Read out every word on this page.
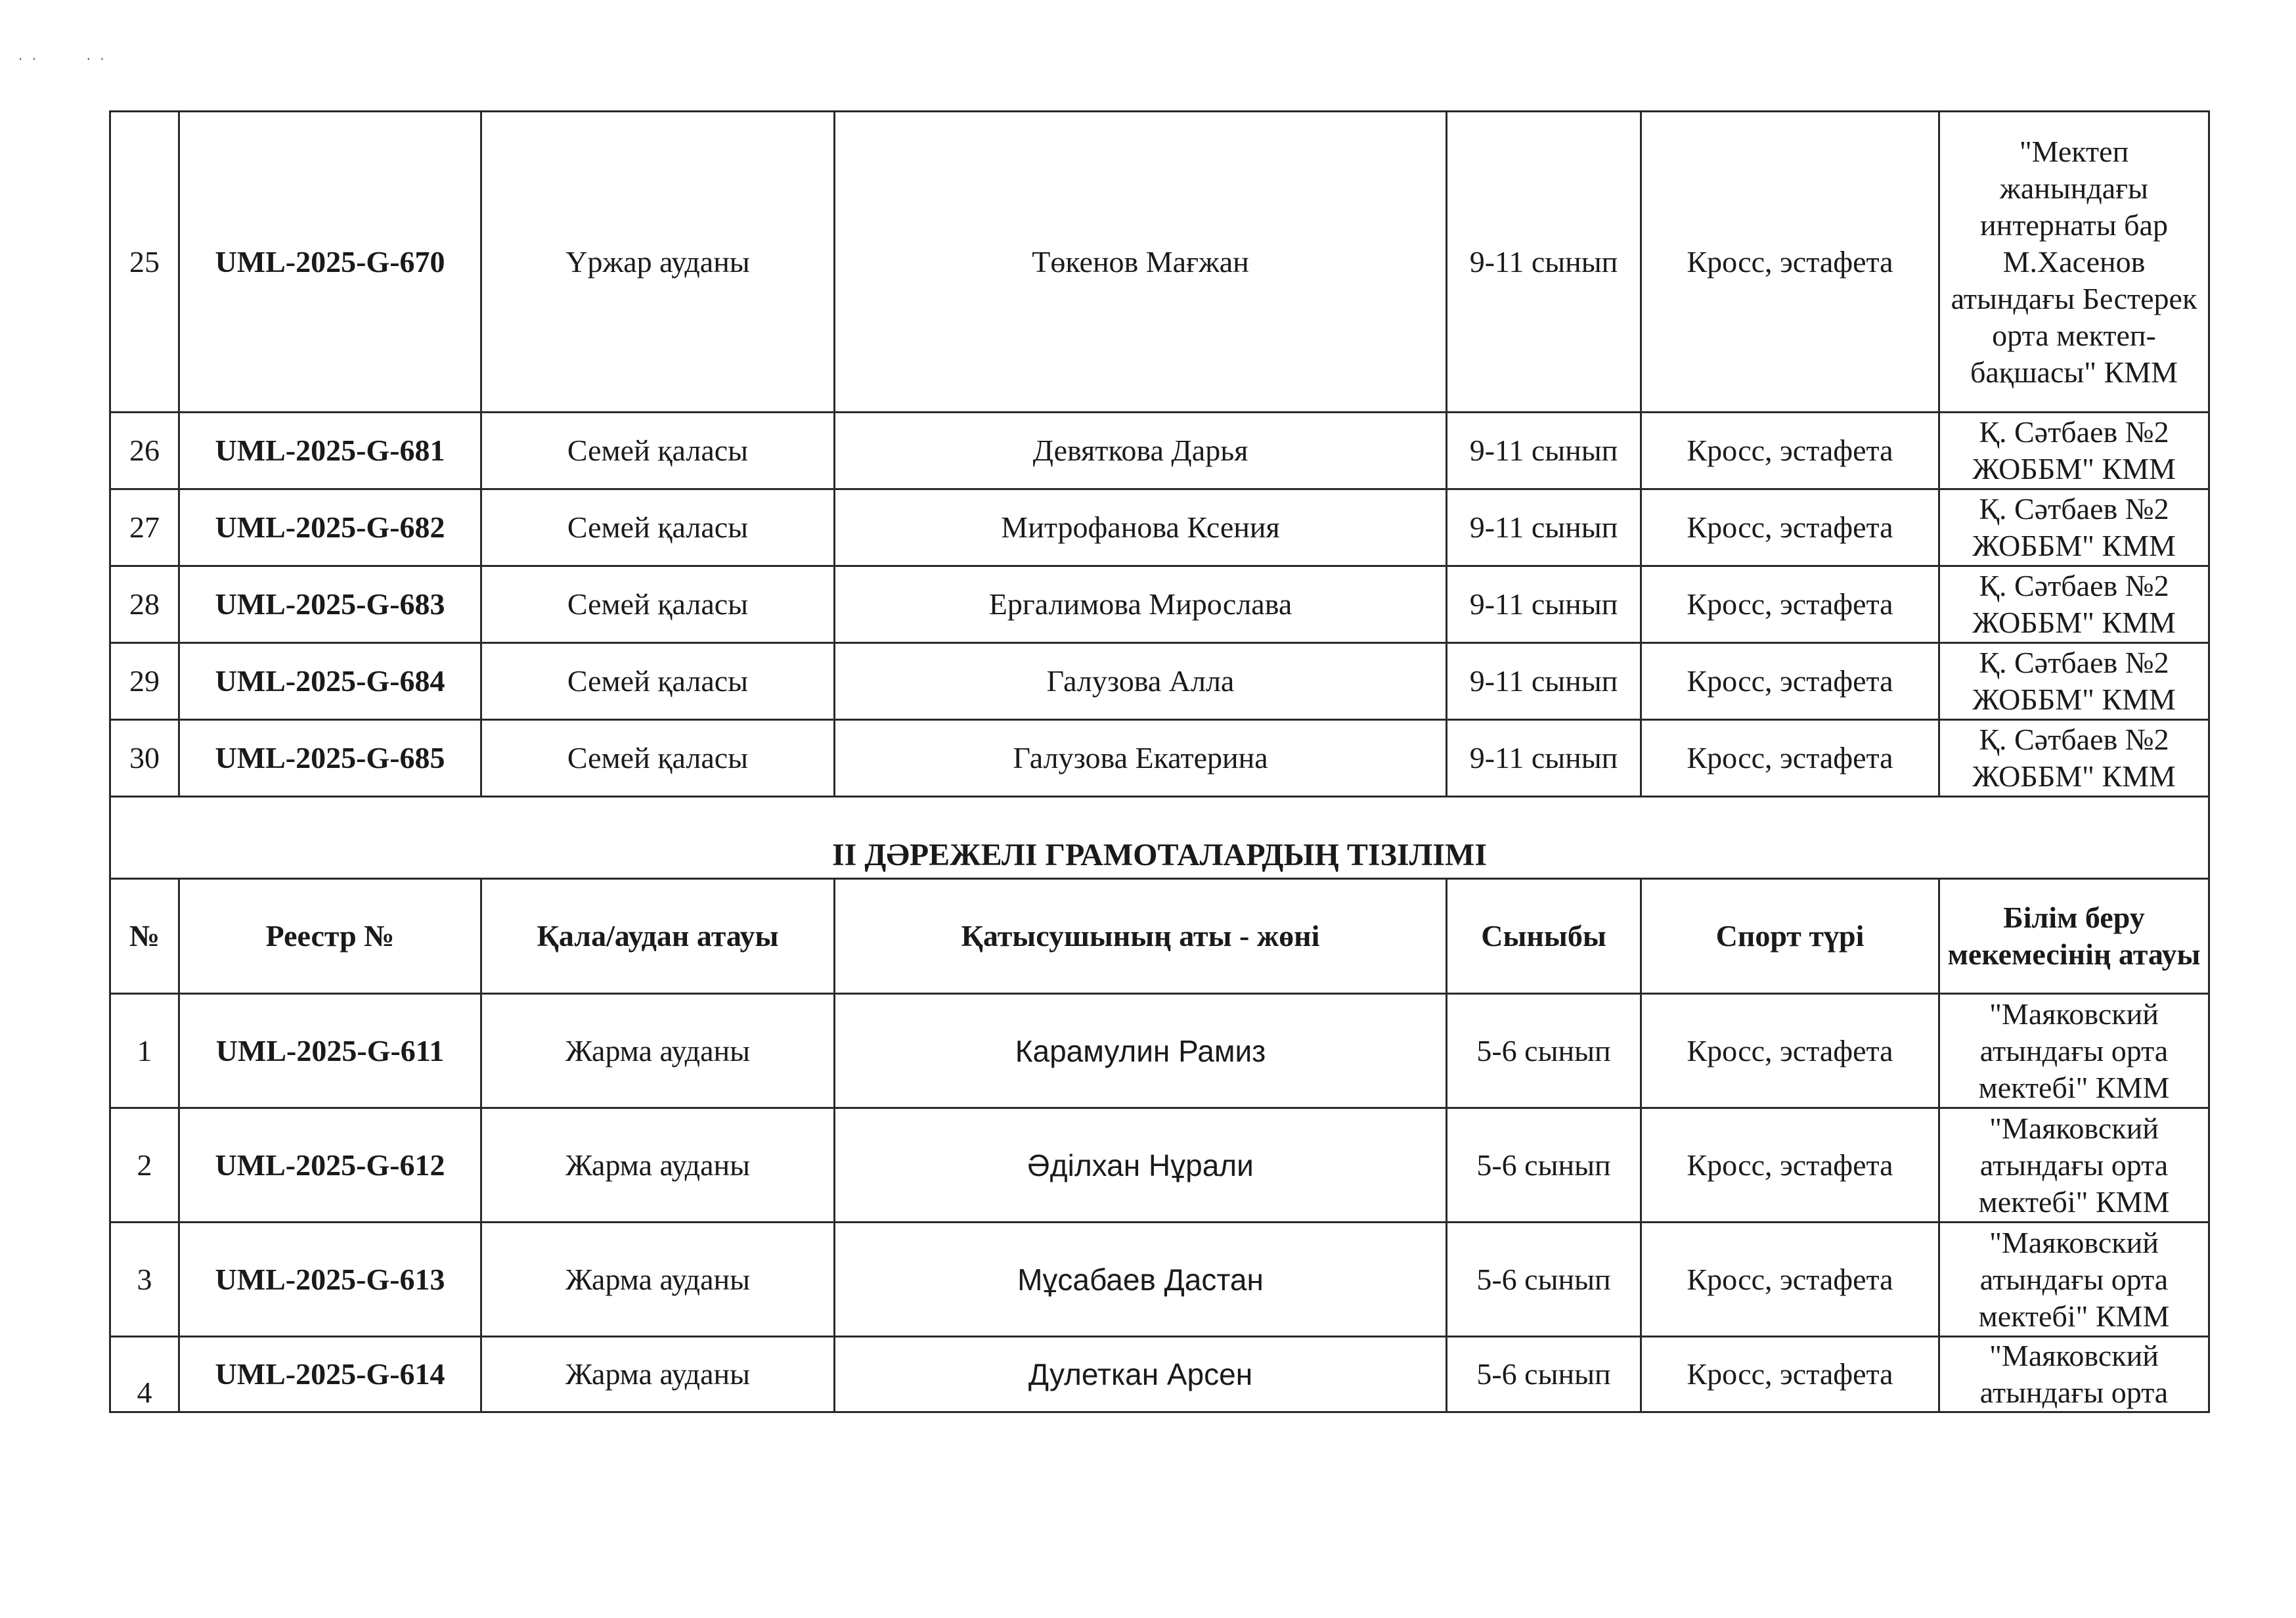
· ·       · ·
25	UML-2025-G-670	Үржар ауданы	Төкенов Мағжан	9-11 сынып	Кросс, эстафета	"Мектеп жанындағы интернаты бар М.Хасенов атындағы Бестерек орта мектеп-бақшасы" КММ
26	UML-2025-G-681	Семей қаласы	Девяткова Дарья	9-11 сынып	Кросс, эстафета	Қ. Сәтбаев №2 ЖОББМ" КММ
27	UML-2025-G-682	Семей қаласы	Митрофанова Ксения	9-11 сынып	Кросс, эстафета	Қ. Сәтбаев №2 ЖОББМ" КММ
28	UML-2025-G-683	Семей қаласы	Ергалимова Мирослава	9-11 сынып	Кросс, эстафета	Қ. Сәтбаев №2 ЖОББМ" КММ
29	UML-2025-G-684	Семей қаласы	Галузова Алла	9-11 сынып	Кросс, эстафета	Қ. Сәтбаев №2 ЖОББМ" КММ
30	UML-2025-G-685	Семей қаласы	Галузова Екатерина	9-11 сынып	Кросс, эстафета	Қ. Сәтбаев №2 ЖОББМ" КММ
II ДӘРЕЖЕЛІ ГРАМОТАЛАРДЫҢ ТІЗІЛІМІ						
№	Реестр №	Қала/аудан атауы	Қатысушының аты - жөні	Сыныбы	Спорт түрі	Білім беру мекемесінің атауы
1	UML-2025-G-611	Жарма ауданы	Карамулин Рамиз	5-6 сынып	Кросс, эстафета	"Маяковский атындағы орта мектебі" КММ
2	UML-2025-G-612	Жарма ауданы	Әділхан Нұрали	5-6 сынып	Кросс, эстафета	"Маяковский атындағы орта мектебі" КММ
3	UML-2025-G-613	Жарма ауданы	Мұсабаев Дастан	5-6 сынып	Кросс, эстафета	"Маяковский атындағы орта мектебі" КММ
4	UML-2025-G-614	Жарма ауданы	Дулеткан Арсен	5-6 сынып	Кросс, эстафета	"Маяковский атындағы орта
